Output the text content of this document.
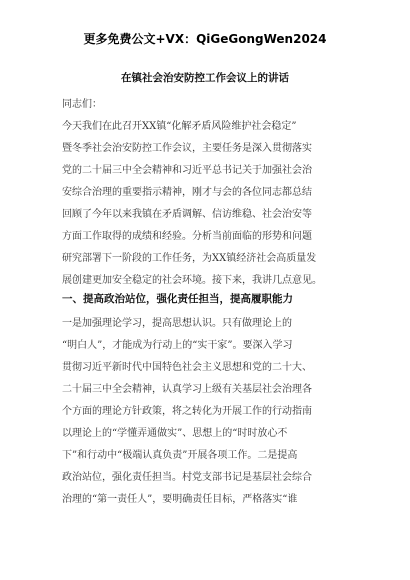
更多免费公文+VX：QiGeGongWen2024
在镇社会治安防控工作会议上的讲话
同志们：
今天我们在此召开XX镇“化解矛盾风险维护社会稳定”
暨冬季社会治安防控工作会议，主要任务是深入贯彻落实
党的二十届三中全会精神和习近平总书记关于加强社会治
安综合治理的重要指示精神，刚才与会的各位同志都总结
回顾了今年以来我镇在矛盾调解、信访维稳、社会治安等
方面工作取得的成绩和经验。分析当前面临的形势和问题
研究部署下一阶段的工作任务，为XX镇经济社会高质量发
展创建更加安全稳定的社会环境。接下来，我讲几点意见。
一、提高政治站位，强化责任担当，提高履职能力
一是加强理论学习，提高思想认识。只有做理论上的
“明白人”，才能成为行动上的“实干家”。要深入学习
贯彻习近平新时代中国特色社会主义思想和党的二十大、
二十届三中全会精神，认真学习上级有关基层社会治理各
个方面的理论方针政策，将之转化为开展工作的行动指南
以理论上的“学懂弄通做实”、思想上的“时时放心不
下”和行动中“极端认真负责”开展各项工作。二是提高
政治站位，强化责任担当。村党支部书记是基层社会综合
治理的“第一责任人”，要明确责任目标，严格落实“谁
